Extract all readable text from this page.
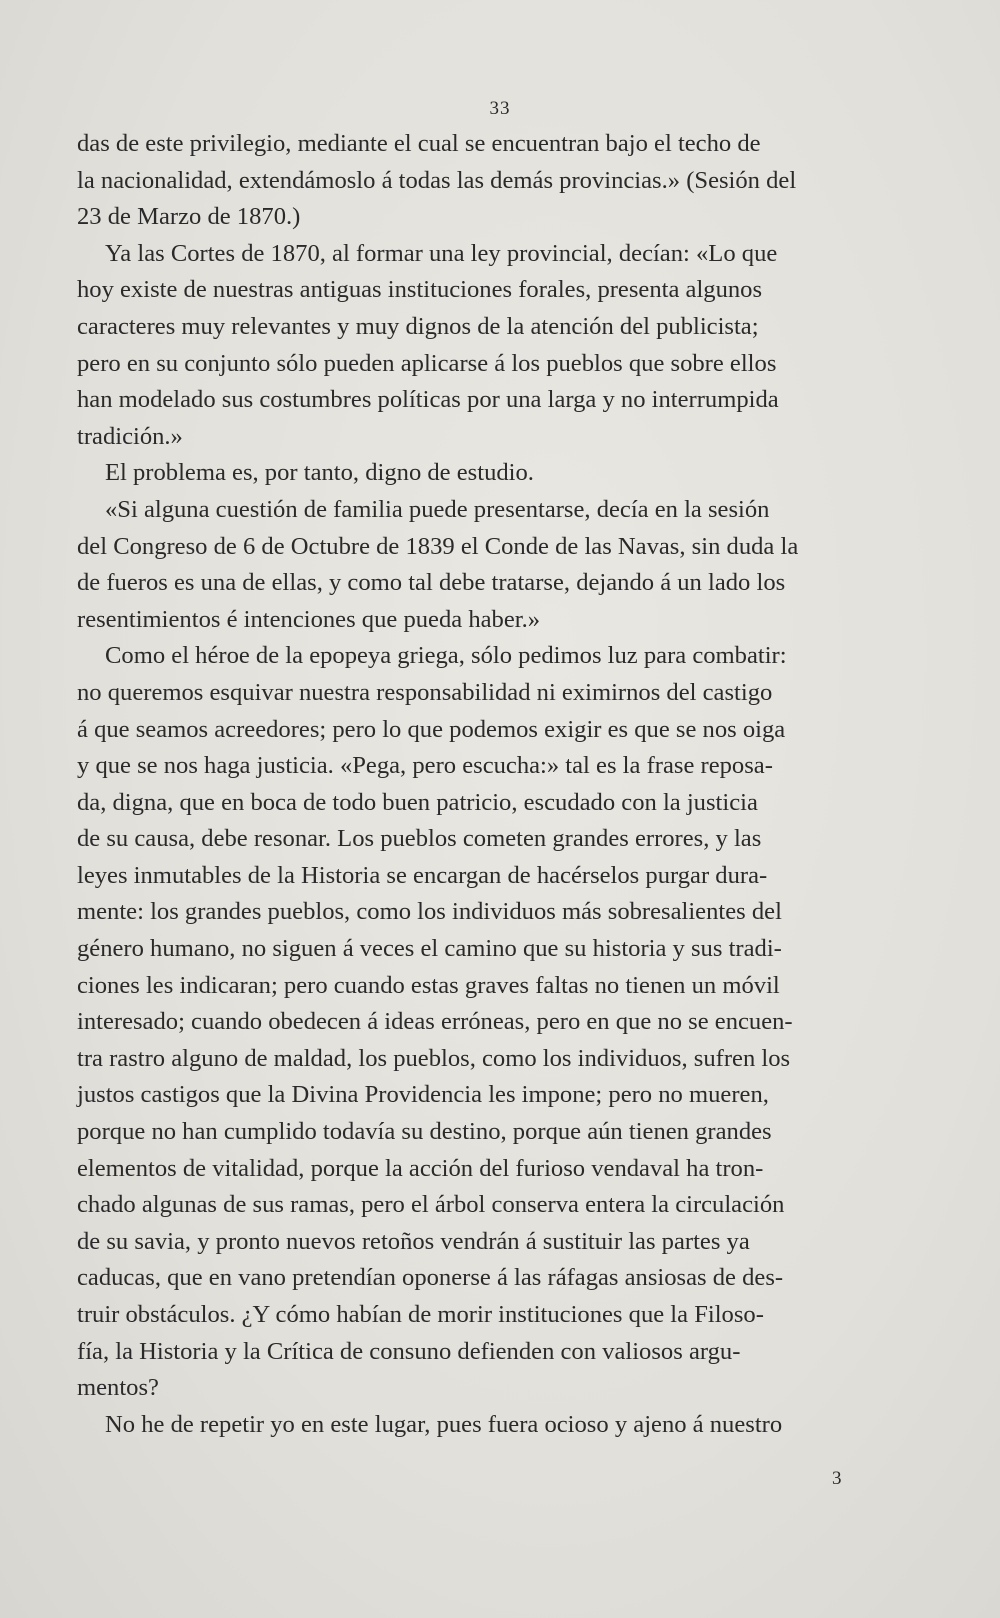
33

das de este privilegio, mediante el cual se encuentran bajo el techo de

la nacionalidad, extendámoslo á todas las demás provincias.» (Sesión del

23 de Marzo de 1870.)

Ya las Cortes de 1870, al formar una ley provincial, decían: «Lo que

hoy existe de nuestras antiguas instituciones forales, presenta algunos

caracteres muy relevantes y muy dignos de la atención del publicista;

pero en su conjunto sólo pueden aplicarse á los pueblos que sobre ellos

han modelado sus costumbres políticas por una larga y no interrumpida

tradición.»

El problema es, por tanto, digno de estudio.

«Si alguna cuestión de familia puede presentarse, decía en la sesión

del Congreso de 6 de Octubre de 1839 el Conde de las Navas, sin duda la

de fueros es una de ellas, y como tal debe tratarse, dejando á un lado los

resentimientos é intenciones que pueda haber.»

Como el héroe de la epopeya griega, sólo pedimos luz para combatir:

no queremos esquivar nuestra responsabilidad ni eximirnos del castigo

á que seamos acreedores; pero lo que podemos exigir es que se nos oiga

y que se nos haga justicia. «Pega, pero escucha:» tal es la frase reposa-

da, digna, que en boca de todo buen patricio, escudado con la justicia

de su causa, debe resonar. Los pueblos cometen grandes errores, y las

leyes inmutables de la Historia se encargan de hacérselos purgar dura-

mente: los grandes pueblos, como los individuos más sobresalientes del

género humano, no siguen á veces el camino que su historia y sus tradi-

ciones les indicaran; pero cuando estas graves faltas no tienen un móvil

interesado; cuando obedecen á ideas erróneas, pero en que no se encuen-

tra rastro alguno de maldad, los pueblos, como los individuos, sufren los

justos castigos que la Divina Providencia les impone; pero no mueren,

porque no han cumplido todavía su destino, porque aún tienen grandes

elementos de vitalidad, porque la acción del furioso vendaval ha tron-

chado algunas de sus ramas, pero el árbol conserva entera la circulación

de su savia, y pronto nuevos retoños vendrán á sustituir las partes ya

caducas, que en vano pretendían oponerse á las ráfagas ansiosas de des-

truir obstáculos. ¿Y cómo habían de morir instituciones que la Filoso-

fía, la Historia y la Crítica de consuno defienden con valiosos argu-

mentos?

No he de repetir yo en este lugar, pues fuera ocioso y ajeno á nuestro

3
